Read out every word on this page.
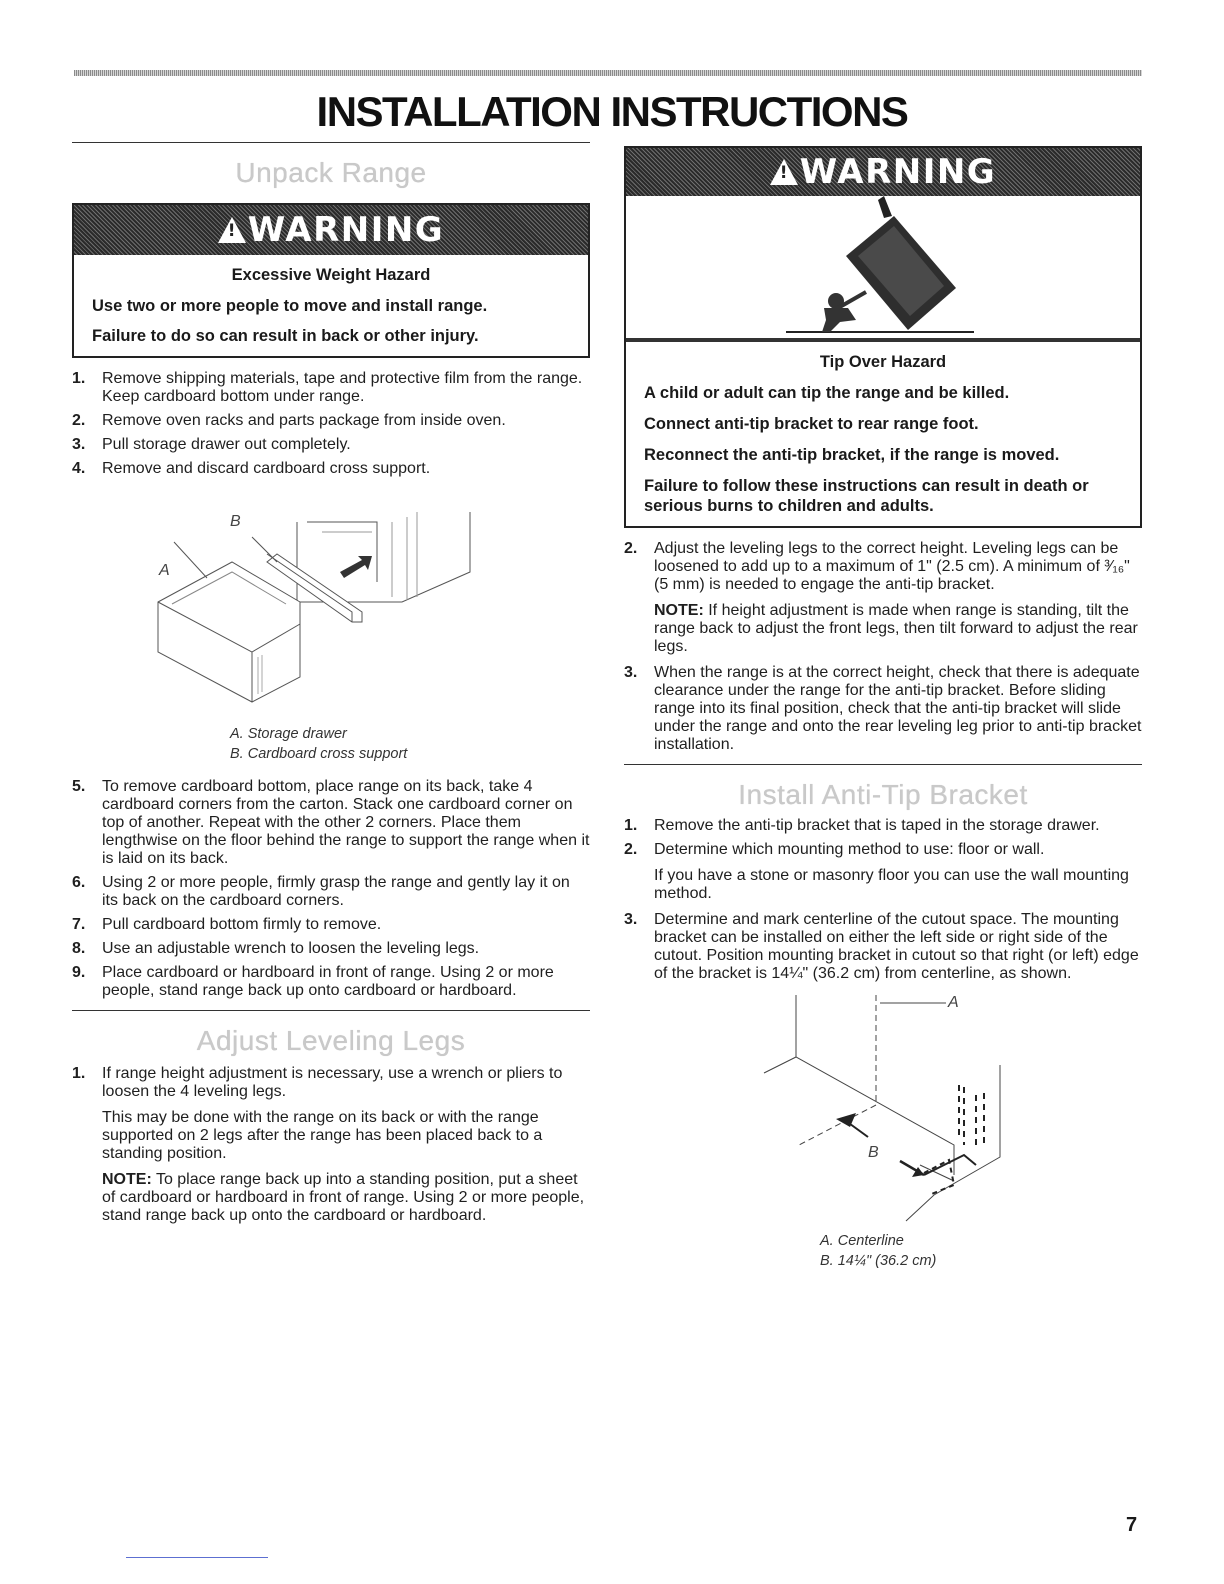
INSTALLATION INSTRUCTIONS
Unpack Range
!
WARNING
Excessive Weight Hazard
Use two or more people to move and install range.
Failure to do so can result in back or other injury.
1.	Remove shipping materials, tape and protective film from the range. Keep cardboard bottom under range.
2.	Remove oven racks and parts package from inside oven.
3.	Pull storage drawer out completely.
4.	Remove and discard cardboard cross support.
B
A
A. Storage drawer
B. Cardboard cross support
5.	To remove cardboard bottom, place range on its back, take 4 cardboard corners from the carton. Stack one cardboard corner on top of another. Repeat with the other 2 corners. Place them lengthwise on the floor behind the range to support the range when it is laid on its back.
6.	Using 2 or more people, firmly grasp the range and gently lay it on its back on the cardboard corners.
7.	Pull cardboard bottom firmly to remove.
8.	Use an adjustable wrench to loosen the leveling legs.
9.	Place cardboard or hardboard in front of range. Using 2 or more people, stand range back up onto cardboard or hardboard.
Adjust Leveling Legs
1.	If range height adjustment is necessary, use a wrench or pliers to loosen the 4 leveling legs.
This may be done with the range on its back or with the range supported on 2 legs after the range has been placed back to a standing position.
NOTE: To place range back up into a standing position, put a sheet of cardboard or hardboard in front of range. Using 2 or more people, stand range back up onto the cardboard or hardboard.
!
WARNING
Tip Over Hazard
A child or adult can tip the range and be killed.
Connect anti-tip bracket to rear range foot.
Reconnect the anti-tip bracket, if the range is moved.
Failure to follow these instructions can result in death or serious burns to children and adults.
2.	Adjust the leveling legs to the correct height. Leveling legs can be loosened to add up to a maximum of 1" (2.5 cm). A minimum of ³⁄₁₆" (5 mm) is needed to engage the anti-tip bracket.
NOTE: If height adjustment is made when range is standing, tilt the range back to adjust the front legs, then tilt forward to adjust the rear legs.
3.	When the range is at the correct height, check that there is adequate clearance under the range for the anti-tip bracket. Before sliding range into its final position, check that the anti-tip bracket will slide under the range and onto the rear leveling leg prior to anti-tip bracket installation.
Install Anti-Tip Bracket
1.	Remove the anti-tip bracket that is taped in the storage drawer.
2.	Determine which mounting method to use: floor or wall.
If you have a stone or masonry floor you can use the wall mounting method.
3.	Determine and mark centerline of the cutout space. The mounting bracket can be installed on either the left side or right side of the cutout. Position mounting bracket in cutout so that right (or left) edge of the bracket is 14¼" (36.2 cm) from centerline, as shown.
A
B
A. Centerline
B. 14¼" (36.2 cm)
7
